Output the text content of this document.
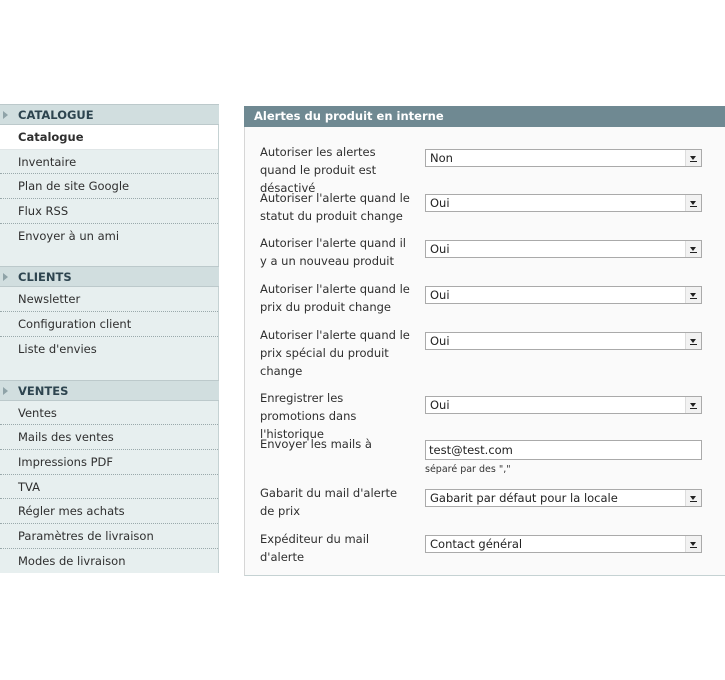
CATALOGUE
Catalogue
Inventaire
Plan de site Google
Flux RSS
Envoyer à un ami
CLIENTS
Newsletter
Configuration client
Liste d'envies
VENTES
Ventes
Mails des ventes
Impressions PDF
TVA
Régler mes achats
Paramètres de livraison
Modes de livraison
Alertes du produit en interne
Autoriser les alertes quand le produit est désactivé
Non
Autoriser l'alerte quand le statut du produit change
Oui
Autoriser l'alerte quand il y a un nouveau produit
Oui
Autoriser l'alerte quand le prix du produit change
Oui
Autoriser l'alerte quand le prix spécial du produit change
Oui
Enregistrer les promotions dans l'historique
Oui
Envoyer les mails à	test@test.com
séparé par des ","
Gabarit du mail d'alerte de prix
Gabarit par défaut pour la locale
Expéditeur du mail d'alerte
Contact général
